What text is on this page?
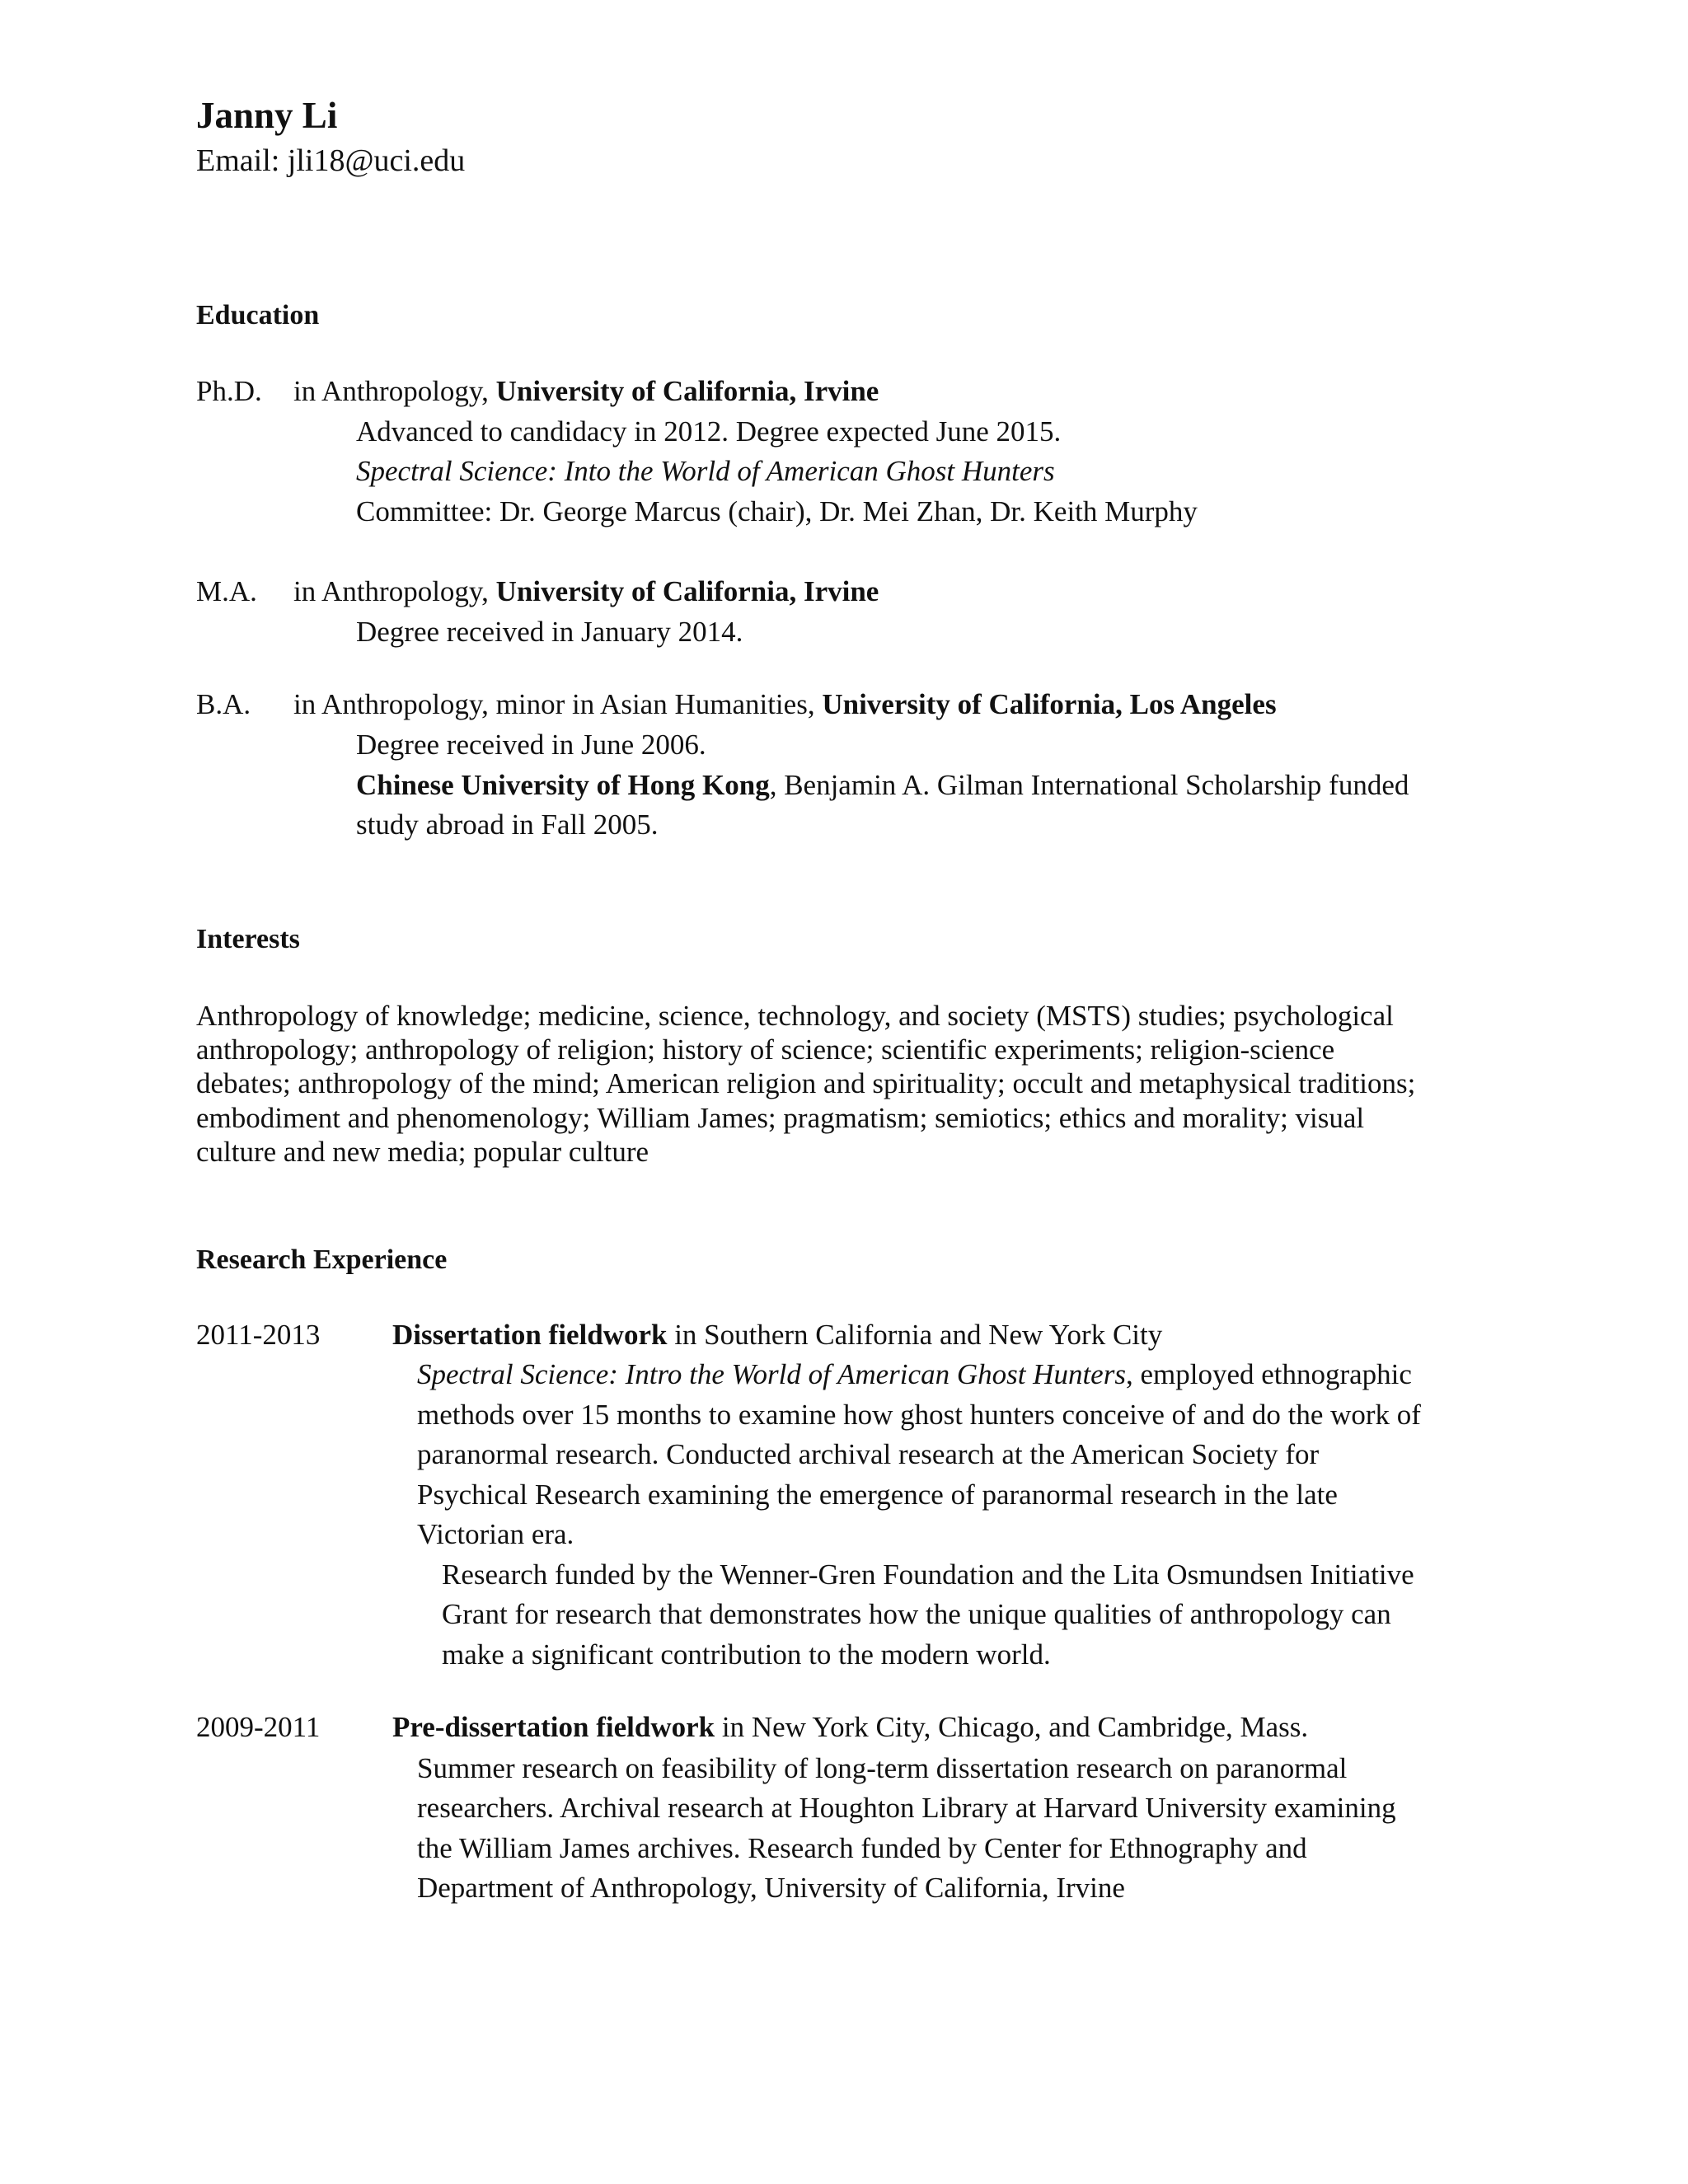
Janny Li
Email: jli18@uci.edu
Education
Ph.D. in Anthropology, University of California, Irvine
Advanced to candidacy in 2012. Degree expected June 2015.
Spectral Science: Into the World of American Ghost Hunters
Committee: Dr. George Marcus (chair), Dr. Mei Zhan, Dr. Keith Murphy
M.A. in Anthropology, University of California, Irvine
Degree received in January 2014.
B.A. in Anthropology, minor in Asian Humanities, University of California, Los Angeles
Degree received in June 2006.
Chinese University of Hong Kong, Benjamin A. Gilman International Scholarship funded
study abroad in Fall 2005.
Interests
Anthropology of knowledge; medicine, science, technology, and society (MSTS) studies; psychological
anthropology; anthropology of religion; history of science; scientific experiments; religion-science
debates; anthropology of the mind; American religion and spirituality; occult and metaphysical traditions;
embodiment and phenomenology; William James; pragmatism; semiotics; ethics and morality; visual
culture and new media; popular culture
Research Experience
2011-2013	Dissertation fieldwork in Southern California and New York City
Spectral Science: Intro the World of American Ghost Hunters, employed ethnographic
methods over 15 months to examine how ghost hunters conceive of and do the work of
paranormal research. Conducted archival research at the American Society for
Psychical Research examining the emergence of paranormal research in the late
Victorian era.
Research funded by the Wenner-Gren Foundation and the Lita Osmundsen Initiative
Grant for research that demonstrates how the unique qualities of anthropology can
make a significant contribution to the modern world.
2009-2011	Pre-dissertation fieldwork in New York City, Chicago, and Cambridge, Mass.
Summer research on feasibility of long-term dissertation research on paranormal
researchers. Archival research at Houghton Library at Harvard University examining
the William James archives. Research funded by Center for Ethnography and
Department of Anthropology, University of California, Irvine
